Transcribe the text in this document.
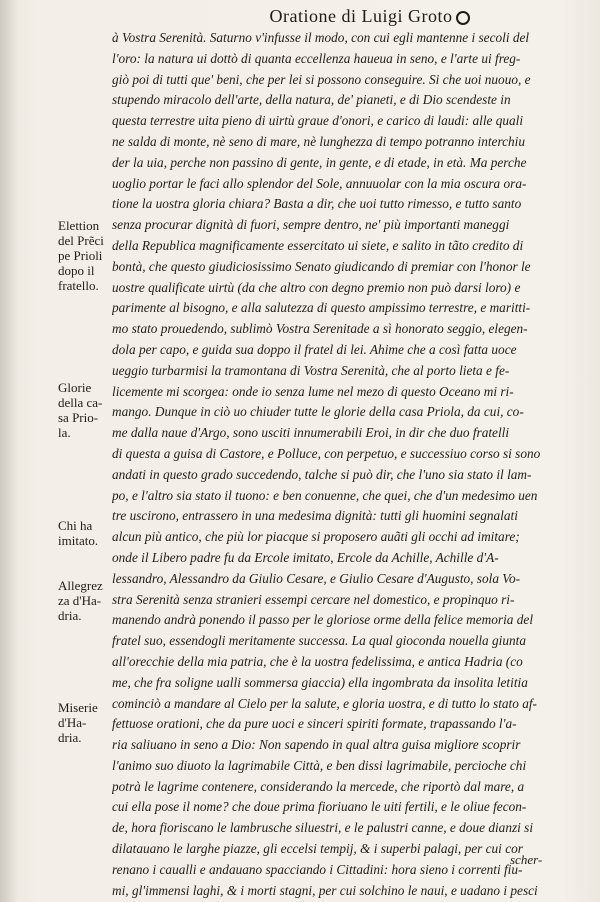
Oratione di Luigi Groto
à Vostra Serenità. Saturno v'infusse il modo, con cui egli mantenne i secoli del
l'oro: la natura ui dottò di quanta eccellenza haueua in seno, e l'arte ui freg-
giò poi di tutti que' beni, che per lei si possono conseguire. Si che uoi nuouo, e
stupendo miracolo dell'arte, della natura, de' pianeti, e di Dio scendeste in
questa terrestre uita pieno di uirtù graue d'onori, e carico di laudi: alle quali
ne salda di monte, nè seno di mare, nè lunghezza di tempo potranno interchiu
der la uia, perche non passino di gente, in gente, e di etade, in età. Ma perche
uoglio portar le faci allo splendor del Sole, annuuolar con la mia oscura ora-
tione la uostra gloria chiara? Basta a dir, che uoi tutto rimesso, e tutto santo
senza procurar dignità di fuori, sempre dentro, ne' più importanti maneggi
della Republica magnificamente essercitato ui siete, e salito in tãto credito di
bontà, che questo giudiciosissimo Senato giudicando di premiar con l'honor le
uostre qualificate uirtù (da che altro con degno premio non può darsi loro) e
parimente al bisogno, e alla salutezza di questo ampissimo terrestre, e maritti-
mo stato prouedendo, sublimò Vostra Serenitade a sì honorato seggio, elegen-
dola per capo, e guida sua doppo il fratel di lei. Ahime che a così fatta uoce
ueggio turbarmisi la tramontana di Vostra Serenità, che al porto lieta e fe-
licemente mi scorgea: onde io senza lume nel mezo di questo Oceano mi ri-
mango. Dunque in ciò uo chiuder tutte le glorie della casa Priola, da cui, co-
me dalla naue d'Argo, sono usciti innumerabili Eroi, in dir che duo fratelli
di questa a guisa di Castore, e Polluce, con perpetuo, e successiuo corso si sono
andati in questo grado succedendo, talche si può dir, che l'uno sia stato il lam-
po, e l'altro sia stato il tuono: e ben conuenne, che quei, che d'un medesimo uen
tre uscirono, entrassero in una medesima dignità: tutti gli huomini segnalati
alcun più antico, che più lor piacque si proposero auãti gli occhi ad imitare;
onde il Libero padre fu da Ercole imitato, Ercole da Achille, Achille d'A-
lessandro, Alessandro da Giulio Cesare, e Giulio Cesare d'Augusto, sola Vo-
stra Serenità senza stranieri essempi cercare nel domestico, e propinquo ri-
manendo andrà ponendo il passo per le gloriose orme della felice memoria del
fratel suo, essendogli meritamente successa. La qual gioconda nouella giunta
all'orecchie della mia patria, che è la uostra fedelissima, e antica Hadria (co
me, che fra soligne ualli sommersa giaccia) ella ingombrata da insolita letitia
cominciò a mandare al Cielo per la salute, e gloria uostra, e di tutto lo stato af-
fettuose orationi, che da pure uoci e sinceri spiriti formate, trapassando l'a-
ria saliuano in seno a Dio: Non sapendo in qual altra guisa migliore scoprir
l'animo suo diuoto la lagrimabile Città, e ben dissi lagrimabile, percioche chi
potrà le lagrime contenere, considerando la mercede, che riportò dal mare, a
cui ella pose il nome? che doue prima fioriuano le uiti fertili, e le oliue fecon-
de, hora fioriscano le lambrusche siluestri, e le palustri canne, e doue dianzi si
dilatauano le larghe piazze, gli eccelsi tempij, & i superbi palagi, per cui cor
renano i caualli e andauano spacciando i Cittadini: hora sieno i correnti fiu-
mi, gl'immensi laghi, & i morti stagni, per cui solchino le naui, e uadano i pesci
Elettion
del Prẽci
pe Prioli
dopo il
fratello.
Glorie
della ca-
sa Prio-
la.
Chi ha
imitato.
Allegrez
za d'Ha-
dria.
Miserie
d'Ha-
dria.
scher-
